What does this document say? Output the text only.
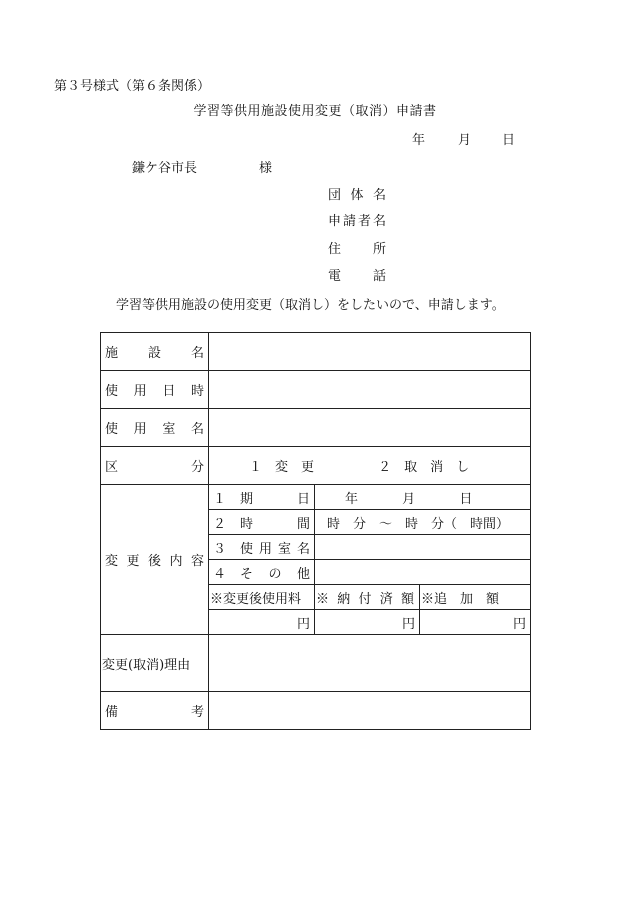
第３号様式（第６条関係）
学習等供用施設使用変更（取消）申請書
年	月 日
鎌ケ谷市長	様
団体名
申請者名
住所
電話
学習等供用施設の使用変更（取消し）をしたいので、申請します。
施設名			
使用日時			
使用室名			
区分	１　変　更 ２　取　消　し		
変更後内容	１ 期日	年 月 日	

	２ 時間	時　分　～　時　分（　時間）	

	３ 使用室名		

	４ その他		

	※変更後使用料	※納付済額	※追　加　額
	円	円	円
変更(取消)理由			
備考			
